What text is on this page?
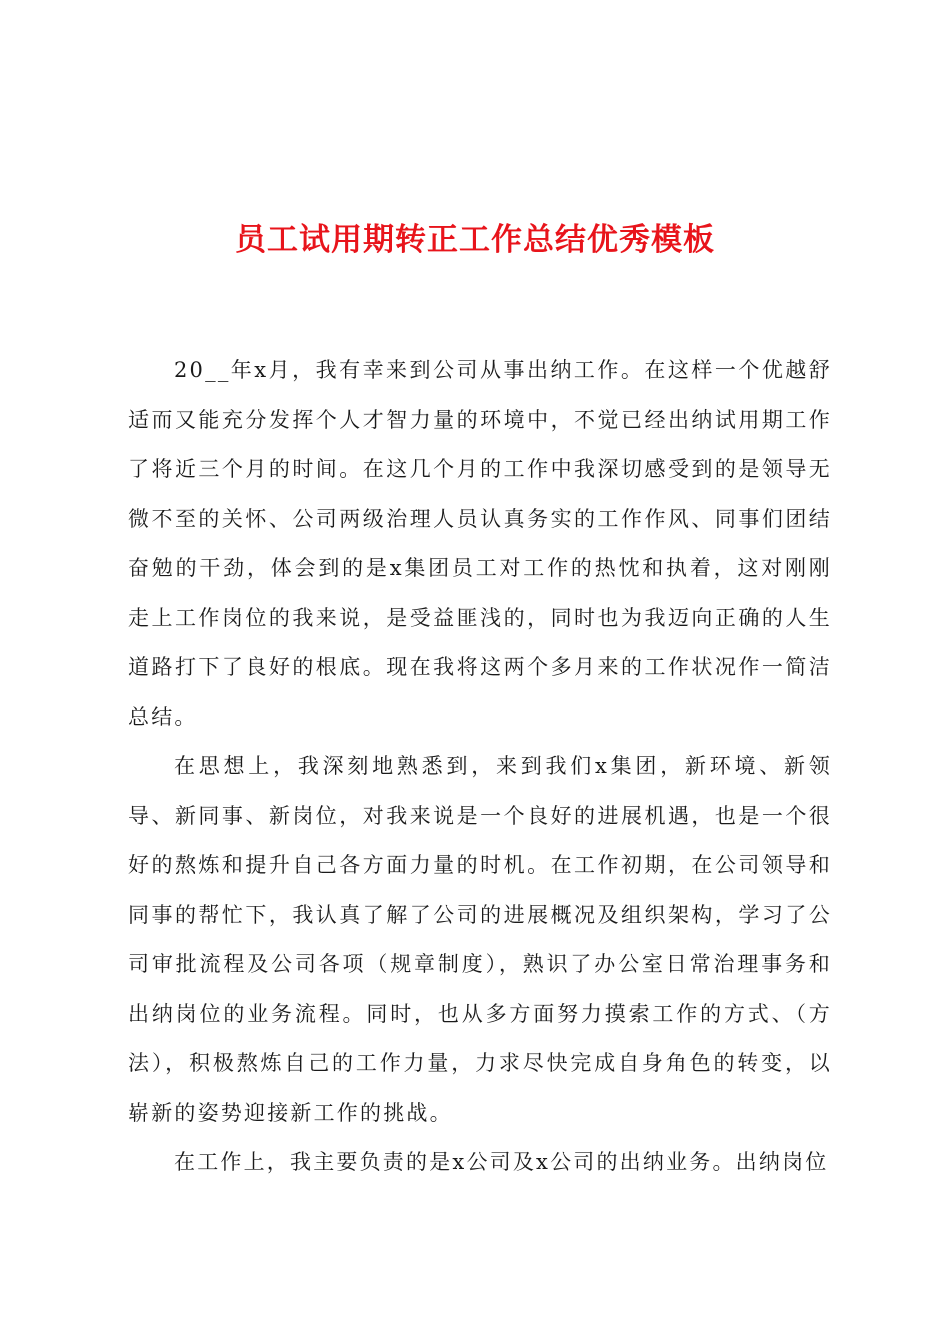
员工试用期转正工作总结优秀模板

20__年x月，我有幸来到公司从事出纳工作。在这样一个优越舒适而又能充分发挥个人才智力量的环境中，不觉已经出纳试用期工作了将近三个月的时间。在这几个月的工作中我深切感受到的是领导无微不至的关怀、公司两级治理人员认真务实的工作作风、同事们团结奋勉的干劲，体会到的是x集团员工对工作的热忱和执着，这对刚刚走上工作岗位的我来说，是受益匪浅的，同时也为我迈向正确的人生道路打下了良好的根底。现在我将这两个多月来的工作状况作一简洁总结。

在思想上，我深刻地熟悉到，来到我们x集团，新环境、新领导、新同事、新岗位，对我来说是一个良好的进展机遇，也是一个很好的熬炼和提升自己各方面力量的时机。在工作初期，在公司领导和同事的帮忙下，我认真了解了公司的进展概况及组织架构，学习了公司审批流程及公司各项（规章制度），熟识了办公室日常治理事务和出纳岗位的业务流程。同时，也从多方面努力摸索工作的方式、（方法），积极熬炼自己的工作力量，力求尽快完成自身角色的转变，以崭新的姿势迎接新工作的挑战。

在工作上，我主要负责的是x公司及x公司的出纳业务。出纳岗位
